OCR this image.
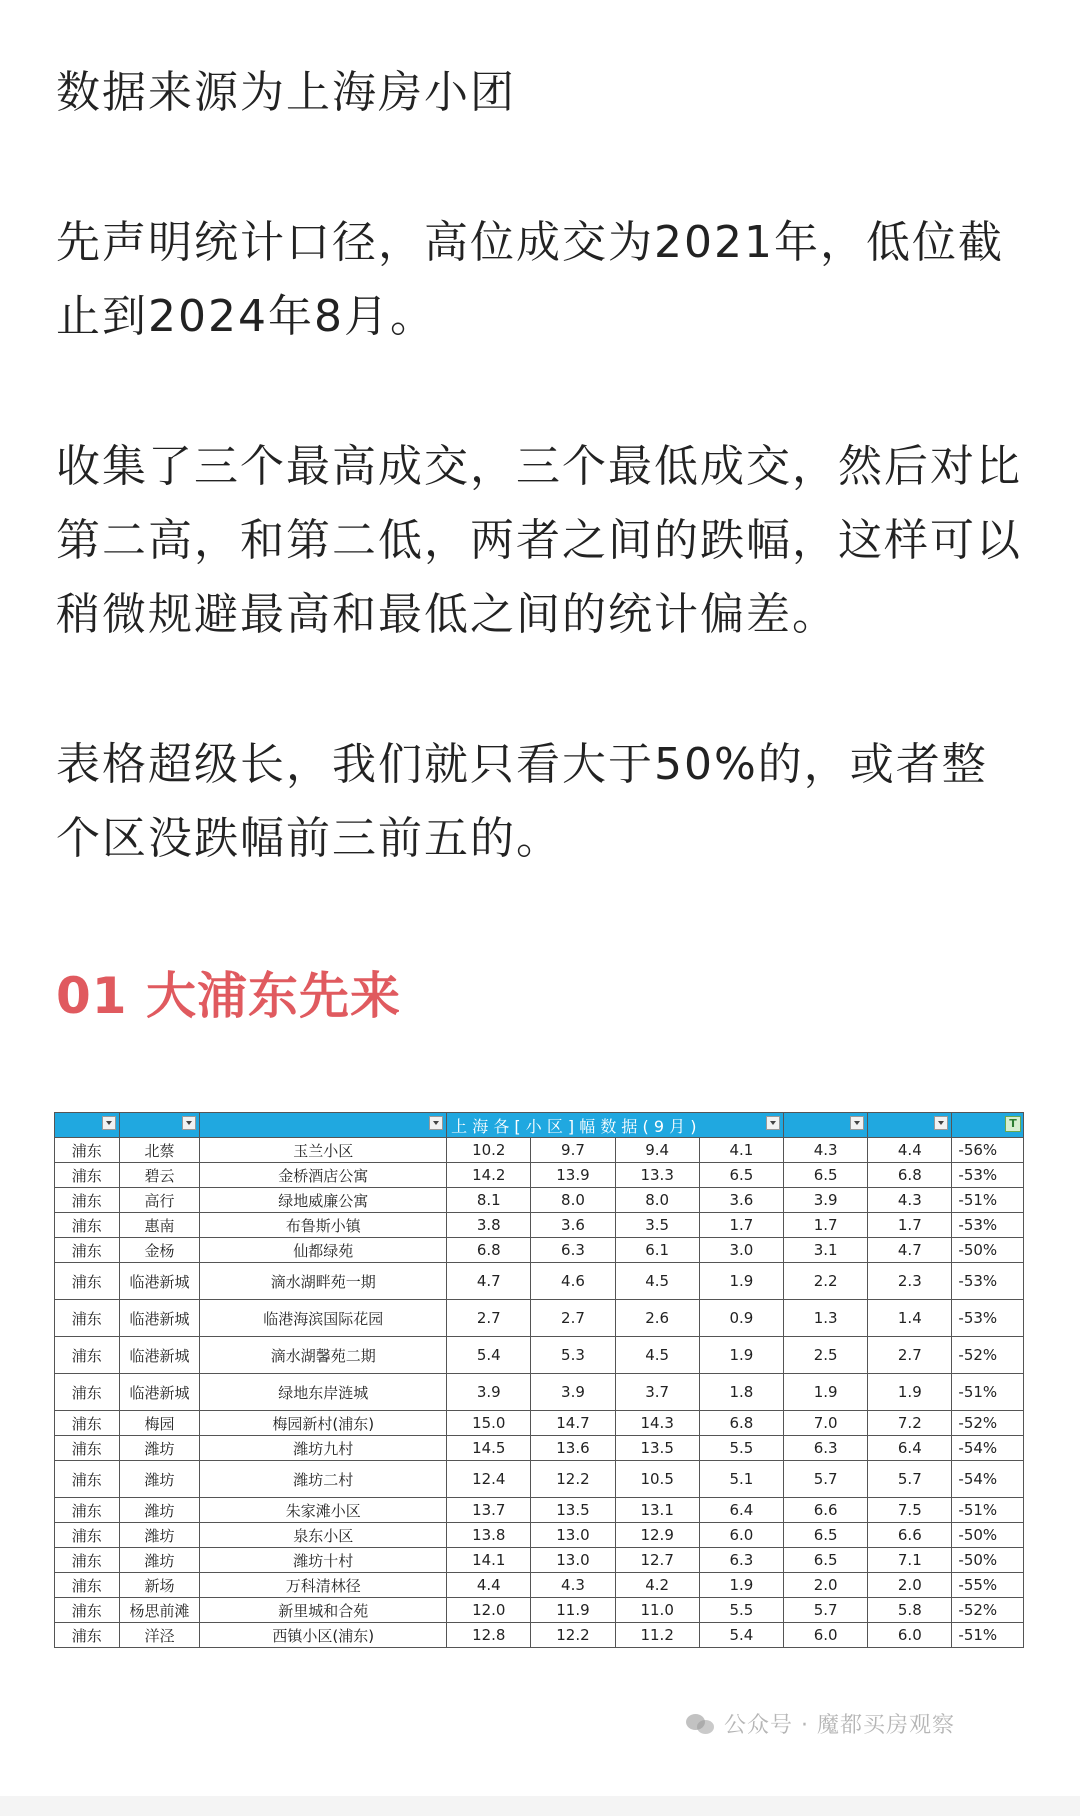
数据来源为上海房小团

先声明统计口径，高位成交为2021年，低位截止到2024年8月。

收集了三个最高成交，三个最低成交，然后对比第二高，和第二低，两者之间的跌幅，这样可以稍微规避最高和最低之间的统计偏差。

表格超级长，我们就只看大于50%的，或者整个区没跌幅前三前五的。

01 大浦东先来

	上 海 各 [ 小 区 ] 幅 数 据 ( 9 月 )						T

浦东	北蔡	玉兰小区	10.2	9.7	9.4	4.1	4.3	4.4	-56%
浦东	碧云	金桥酒店公寓	14.2	13.9	13.3	6.5	6.5	6.8	-53%
浦东	高行	绿地威廉公寓	8.1	8.0	8.0	3.6	3.9	4.3	-51%
浦东	惠南	布鲁斯小镇	3.8	3.6	3.5	1.7	1.7	1.7	-53%
浦东	金杨	仙都绿苑	6.8	6.3	6.1	3.0	3.1	4.7	-50%
浦东	临港新城	滴水湖畔苑一期	4.7	4.6	4.5	1.9	2.2	2.3	-53%
浦东	临港新城	临港海滨国际花园	2.7	2.7	2.6	0.9	1.3	1.4	-53%
浦东	临港新城	滴水湖馨苑二期	5.4	5.3	4.5	1.9	2.5	2.7	-52%
浦东	临港新城	绿地东岸涟城	3.9	3.9	3.7	1.8	1.9	1.9	-51%
浦东	梅园	梅园新村(浦东)	15.0	14.7	14.3	6.8	7.0	7.2	-52%
浦东	潍坊	潍坊九村	14.5	13.6	13.5	5.5	6.3	6.4	-54%
浦东	潍坊	潍坊二村	12.4	12.2	10.5	5.1	5.7	5.7	-54%
浦东	潍坊	朱家滩小区	13.7	13.5	13.1	6.4	6.6	7.5	-51%
浦东	潍坊	泉东小区	13.8	13.0	12.9	6.0	6.5	6.6	-50%
浦东	潍坊	潍坊十村	14.1	13.0	12.7	6.3	6.5	7.1	-50%
浦东	新场	万科清林径	4.4	4.3	4.2	1.9	2.0	2.0	-55%
浦东	杨思前滩	新里城和合苑	12.0	11.9	11.0	5.5	5.7	5.8	-52%
浦东	洋泾	西镇小区(浦东)	12.8	12.2	11.2	5.4	6.0	6.0	-51%
公众号 · 魔都买房观察
